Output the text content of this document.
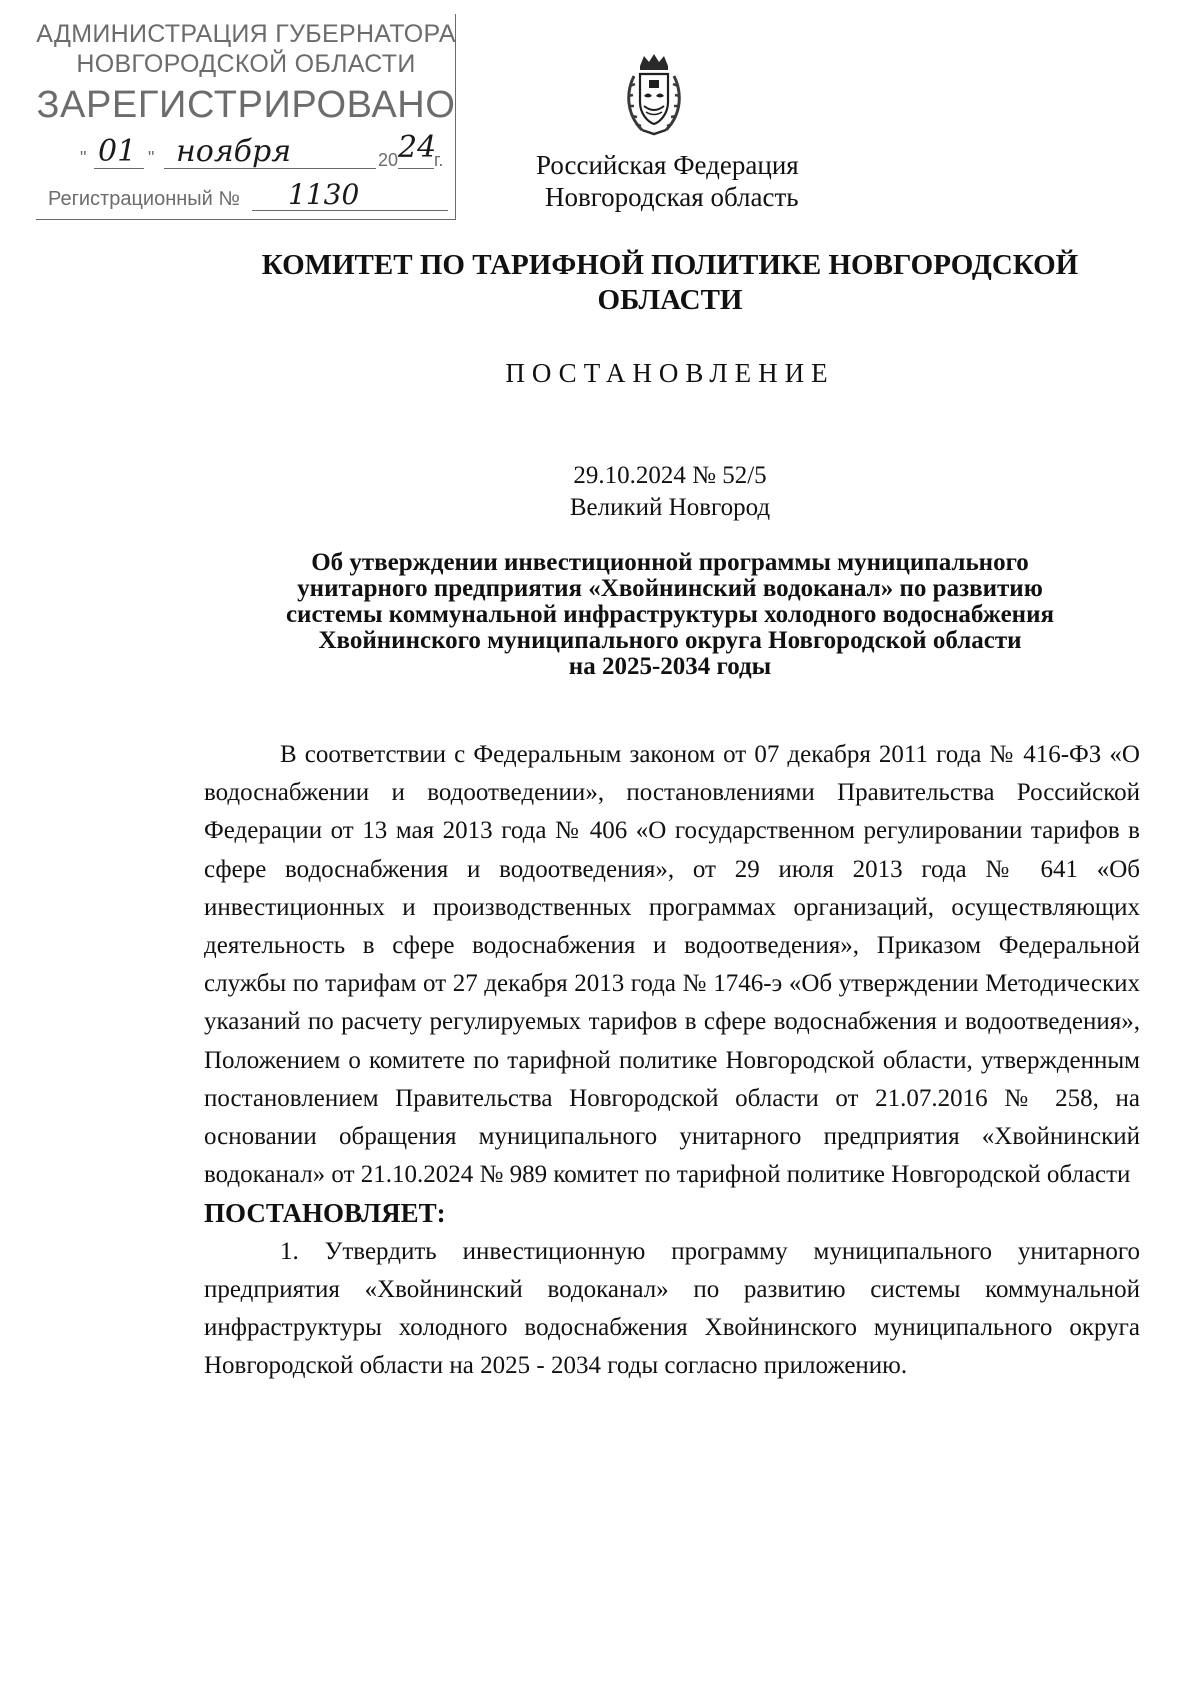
АДМИНИСТРАЦИЯ ГУБЕРНАТОРА
НОВГОРОДСКОЙ ОБЛАСТИ
ЗАРЕГИСТРИРОВАНО
" 01 " ноября	20 24
г.
Регистрационный № 1130
Российская Федерация
Новгородская область
КОМИТЕТ ПО ТАРИФНОЙ ПОЛИТИКЕ НОВГОРОДСКОЙ ОБЛАСТИ
ПОСТАНОВЛЕНИЕ
29.10.2024 № 52/5
Великий Новгород
Об утверждении инвестиционной программы муниципального
унитарного предприятия «Хвойнинский водоканал» по развитию
системы коммунальной инфраструктуры холодного водоснабжения
Хвойнинского муниципального округа Новгородской области
на 2025-2034 годы

В соответствии с Федеральным законом от 07 декабря 2011 года № 416-ФЗ «О водоснабжении и водоотведении», постановлениями Правительства Российской Федерации от 13 мая 2013 года № 406 «О государственном регулировании тарифов в сфере водоснабжения и водоотведения», от 29 июля 2013 года № 641 «Об инвестиционных и производственных программах организаций, осуществляющих деятельность в сфере водоснабжения и водоотведения», Приказом Федеральной службы по тарифам от 27 декабря 2013 года № 1746-э «Об утверждении Методических указаний по расчету регулируемых тарифов в сфере водоснабжения и водоотведения», Положением о комитете по тарифной политике Новгородской области, утвержденным постановлением Правительства Новгородской области от 21.07.2016 № 258, на основании обращения муниципального унитарного предприятия «Хвойнинский водоканал» от 21.10.2024 № 989 комитет по тарифной политике Новгородской области

ПОСТАНОВЛЯЕТ:

1. Утвердить инвестиционную программу муниципального унитарного предприятия «Хвойнинский водоканал» по развитию системы коммунальной инфраструктуры холодного водоснабжения Хвойнинского муниципального округа Новгородской области на 2025 - 2034 годы согласно приложению.
